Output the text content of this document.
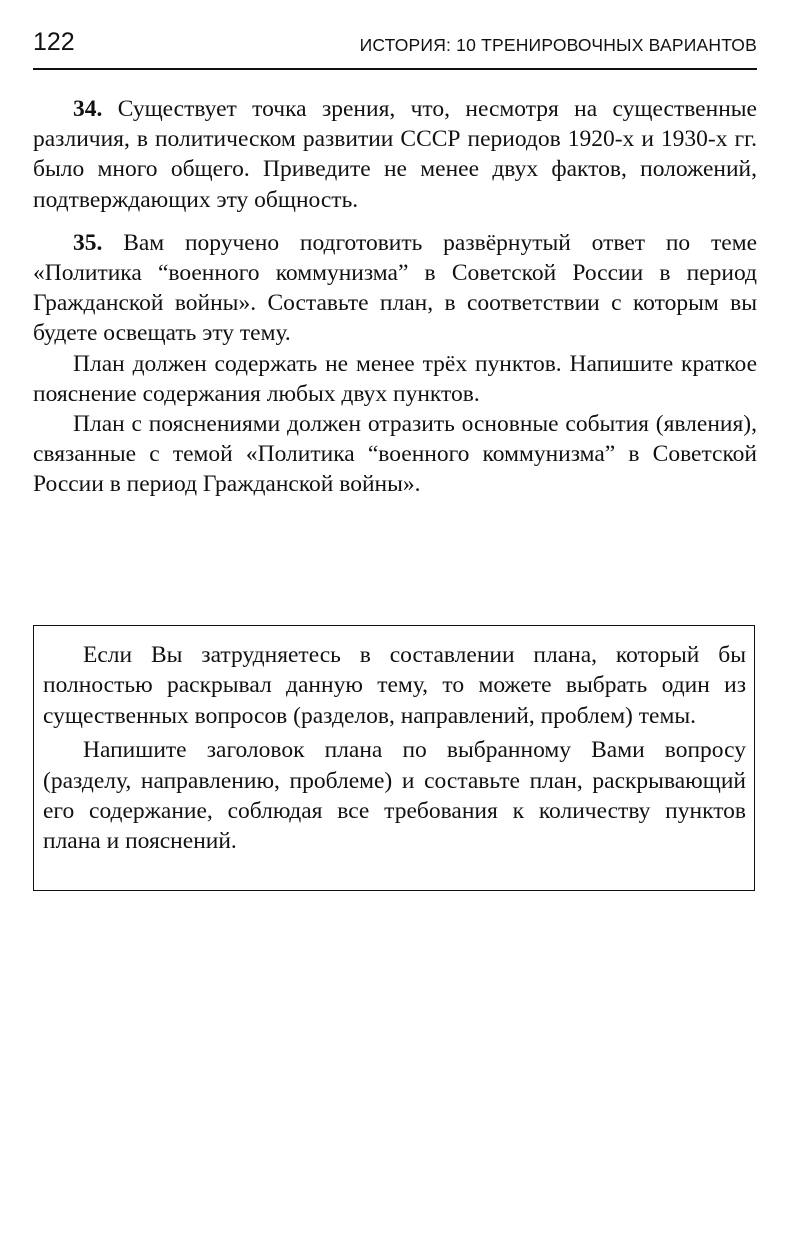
122	ИСТОРИЯ: 10 ТРЕНИРОВОЧНЫХ ВАРИАНТОВ

34. Существует точка зрения, что, несмотря на существенные различия, в политическом развитии СССР периодов 1920-х и 1930-х гг. было много общего. Приведите не менее двух фактов, положений, подтверждающих эту общность.

35. Вам поручено подготовить развёрнутый ответ по теме «Политика “военного коммунизма” в Советской России в период Гражданской войны». Составьте план, в соответствии с которым вы будете освещать эту тему.

План должен содержать не менее трёх пунктов. Напишите краткое пояснение содержания любых двух пунктов.

План с пояснениями должен отразить основные события (явления), связанные с темой «Политика “военного коммунизма” в Советской России в период Гражданской войны».

Если Вы затрудняетесь в составлении плана, который бы полностью раскрывал данную тему, то можете выбрать один из существенных вопросов (разделов, направлений, проблем) темы.

Напишите заголовок плана по выбранному Вами вопросу (разделу, направлению, проблеме) и составьте план, раскрывающий его содержание, соблюдая все требования к количеству пунктов плана и пояснений.
